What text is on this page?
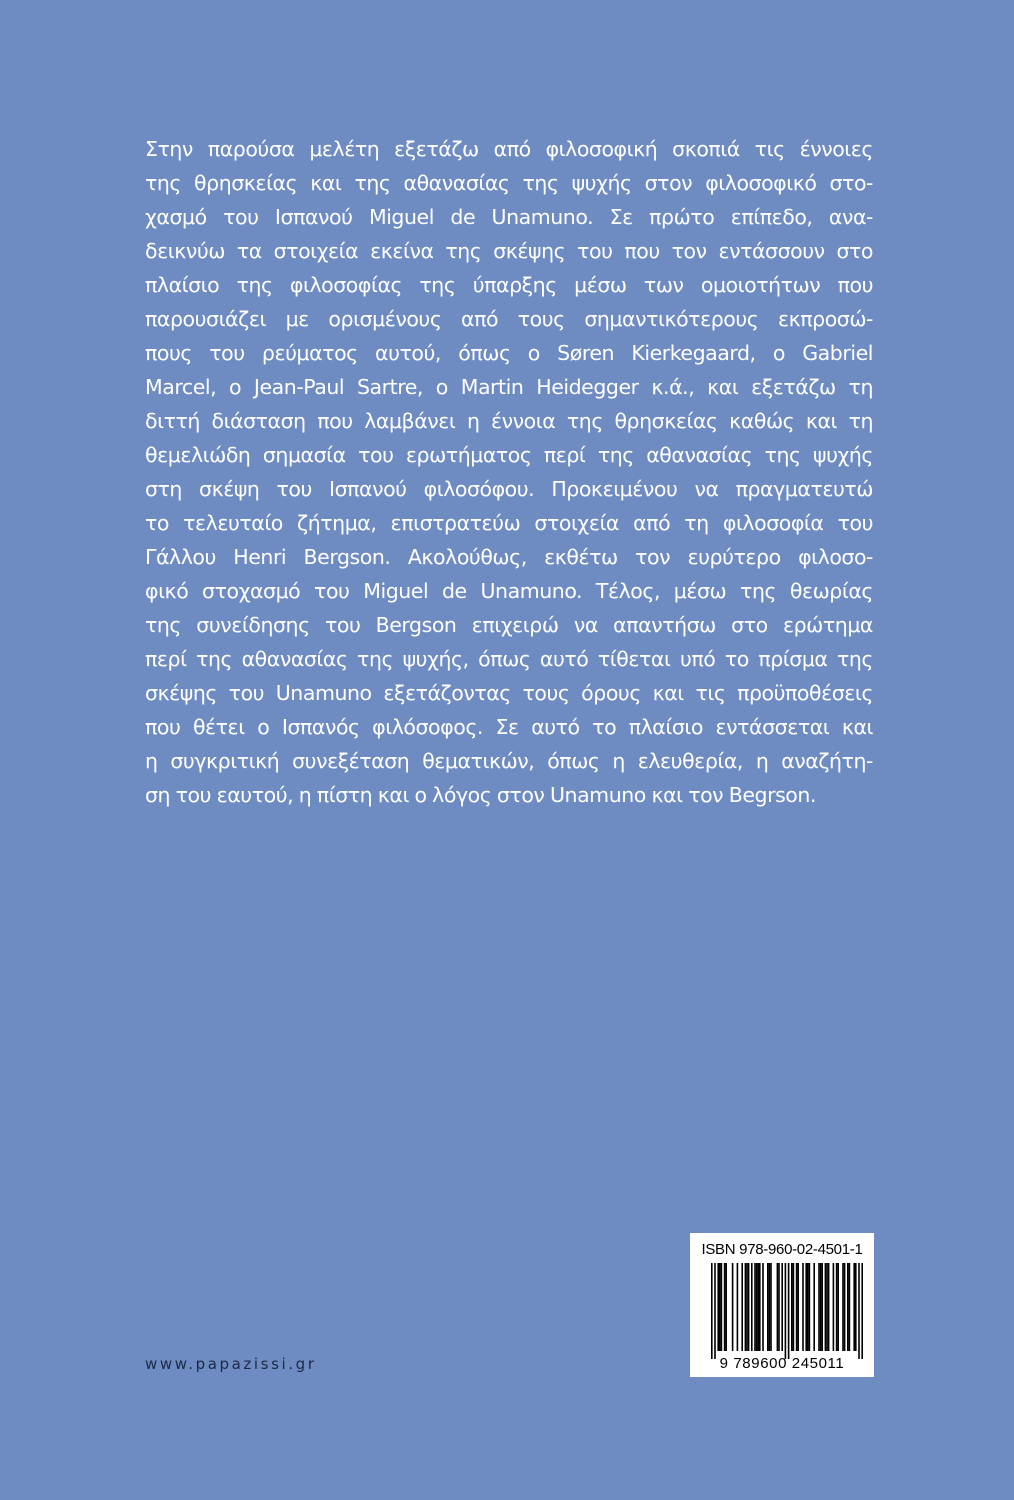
Στην παρούσα μελέτη εξετάζω από φιλοσοφική σκοπιά τις έννοιες
της θρησκείας και της αθανασίας της ψυχής στον φιλοσοφικό στο-
χασμό του Ισπανού Miguel de Unamuno. Σε πρώτο επίπεδο, ανα-
δεικνύω τα στοιχεία εκείνα της σκέψης του που τον εντάσσουν στο
πλαίσιο της φιλοσοφίας της ύπαρξης μέσω των ομοιοτήτων που
παρουσιάζει με ορισμένους από τους σημαντικότερους εκπροσώ-
πους του ρεύματος αυτού, όπως ο Søren Kierkegaard, ο Gabriel
Marcel, ο Jean-Paul Sartre, ο Martin Heidegger κ.ά., και εξετάζω τη
διττή διάσταση που λαμβάνει η έννοια της θρησκείας καθώς και τη
θεμελιώδη σημασία του ερωτήματος περί της αθανασίας της ψυχής
στη σκέψη του Ισπανού φιλοσόφου. Προκειμένου να πραγματευτώ
το τελευταίο ζήτημα, επιστρατεύω στοιχεία από τη φιλοσοφία του
Γάλλου Henri Bergson. Ακολούθως, εκθέτω τον ευρύτερο φιλοσο-
φικό στοχασμό του Miguel de Unamuno. Τέλος, μέσω της θεωρίας
της συνείδησης του Bergson επιχειρώ να απαντήσω στο ερώτημα
περί της αθανασίας της ψυχής, όπως αυτό τίθεται υπό το πρίσμα της
σκέψης του Unamuno εξετάζοντας τους όρους και τις προϋποθέσεις
που θέτει ο Ισπανός φιλόσοφος. Σε αυτό το πλαίσιο εντάσσεται και
η συγκριτική συνεξέταση θεματικών, όπως η ελευθερία, η αναζήτη-
ση του εαυτού, η πίστη και ο λόγος στον Unamuno και τον Begrson.
www.papazissi.gr
ISBN 978-960-02-4501-1
9 789600 245011
